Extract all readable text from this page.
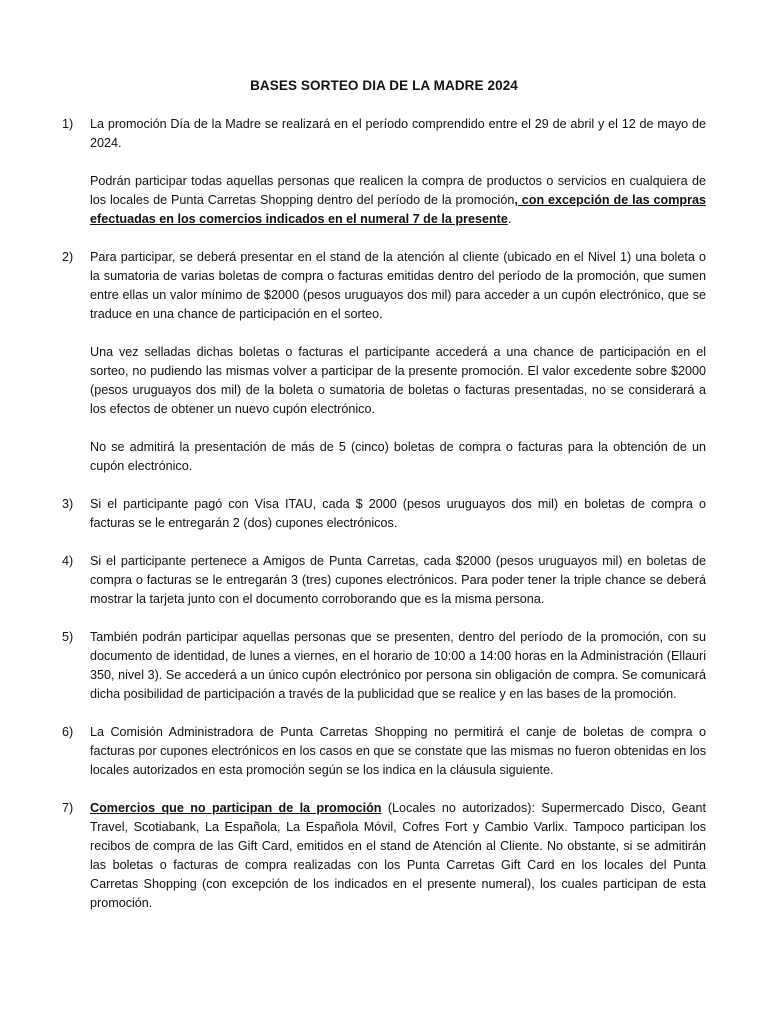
BASES SORTEO DIA DE LA MADRE 2024
1)	La promoción Día de la Madre se realizará en el período comprendido entre el 29 de abril y el 12 de mayo de 2024.

Podrán participar todas aquellas personas que realicen la compra de productos o servicios en cualquiera de los locales de Punta Carretas Shopping dentro del período de la promoción, con excepción de las compras efectuadas en los comercios indicados en el numeral 7 de la presente.

2)	Para participar, se deberá presentar en el stand de la atención al cliente (ubicado en el Nivel 1) una boleta o la sumatoria de varias boletas de compra o facturas emitidas dentro del período de la promoción, que sumen entre ellas un valor mínimo de $2000 (pesos uruguayos dos mil) para acceder a un cupón electrónico, que se traduce en una chance de participación en el sorteo.

Una vez selladas dichas boletas o facturas el participante accederá a una chance de participación en el sorteo, no pudiendo las mismas volver a participar de la presente promoción. El valor excedente sobre $2000 (pesos uruguayos dos mil) de la boleta o sumatoria de boletas o facturas presentadas, no se considerará a los efectos de obtener un nuevo cupón electrónico.

No se admitirá la presentación de más de 5 (cinco) boletas de compra o facturas para la obtención de un cupón electrónico.

3)	Si el participante pagó con Visa ITAU, cada $ 2000 (pesos uruguayos dos mil) en boletas de compra o facturas se le entregarán 2 (dos) cupones electrónicos.

4)	Si el participante pertenece a Amigos de Punta Carretas, cada $2000 (pesos uruguayos mil) en boletas de compra o facturas se le entregarán 3 (tres) cupones electrónicos. Para poder tener la triple chance se deberá mostrar la tarjeta junto con el documento corroborando que es la misma persona.

5)	También podrán participar aquellas personas que se presenten, dentro del período de la promoción, con su documento de identidad, de lunes a viernes, en el horario de 10:00 a 14:00 horas en la Administración (Ellauri 350, nivel 3). Se accederá a un único cupón electrónico por persona sin obligación de compra. Se comunicará dicha posibilidad de participación a través de la publicidad que se realice y en las bases de la promoción.

6)	La Comisión Administradora de Punta Carretas Shopping no permitirá el canje de boletas de compra o facturas por cupones electrónicos en los casos en que se constate que las mismas no fueron obtenidas en los locales autorizados en esta promoción según se los indica en la cláusula siguiente.

7)	Comercios que no participan de la promoción (Locales no autorizados): Supermercado Disco, Geant Travel, Scotiabank, La Española, La Española Móvil, Cofres Fort y Cambio Varlix. Tampoco participan los recibos de compra de las Gift Card, emitidos en el stand de Atención al Cliente. No obstante, si se admitirán las boletas o facturas de compra realizadas con los Punta Carretas Gift Card en los locales del Punta Carretas Shopping (con excepción de los indicados en el presente numeral), los cuales participan de esta promoción.
